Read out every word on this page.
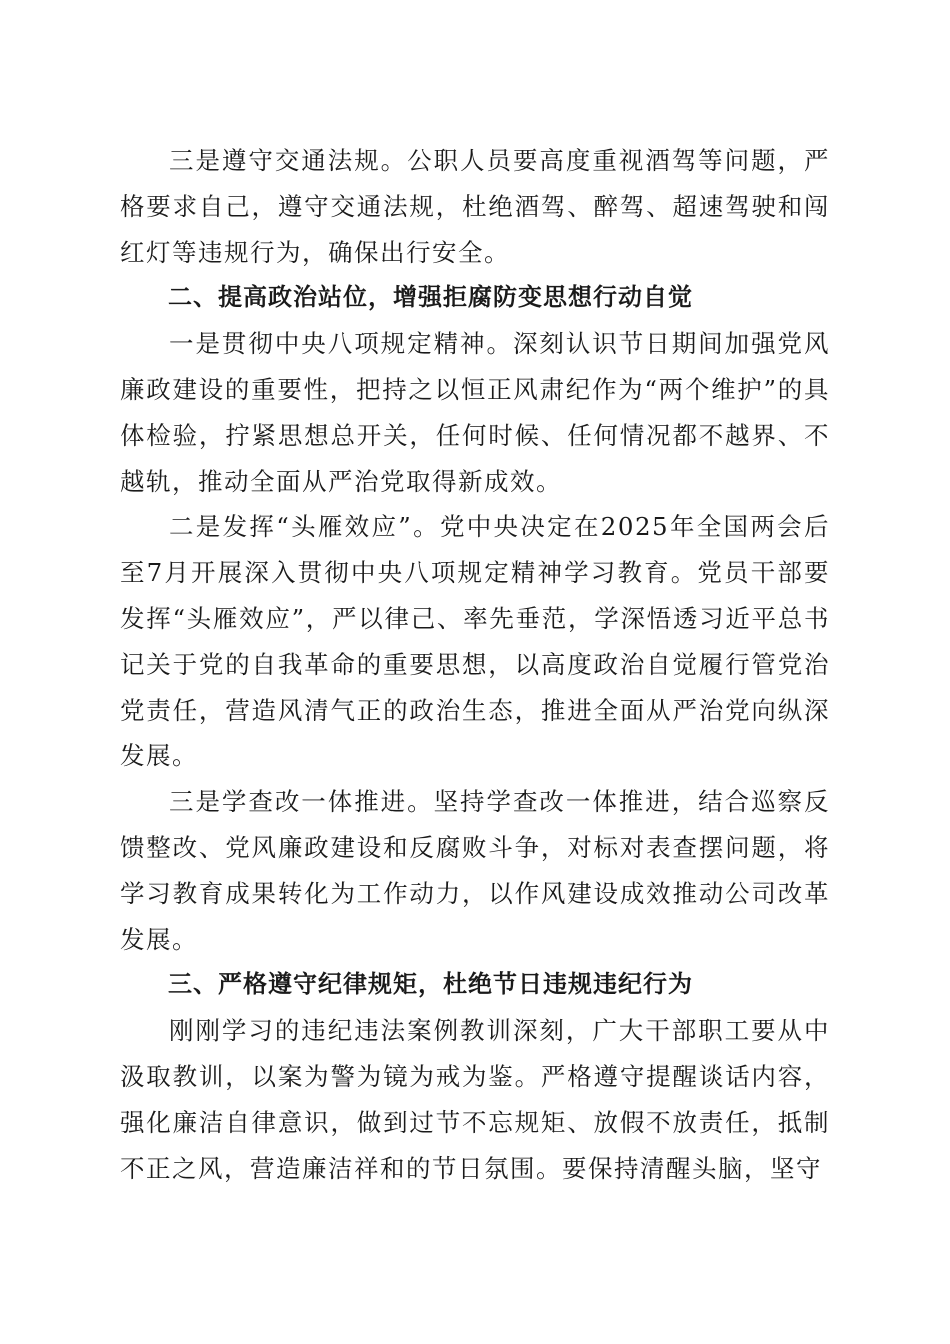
三是遵守交通法规。公职人员要高度重视酒驾等问题，严格要求自己，遵守交通法规，杜绝酒驾、醉驾、超速驾驶和闯红灯等违规行为，确保出行安全。

二、提高政治站位，增强拒腐防变思想行动自觉

一是贯彻中央八项规定精神。深刻认识节日期间加强党风廉政建设的重要性，把持之以恒正风肃纪作为“两个维护”的具体检验，拧紧思想总开关，任何时候、任何情况都不越界、不越轨，推动全面从严治党取得新成效。

二是发挥“头雁效应”。党中央决定在2025年全国两会后至7月开展深入贯彻中央八项规定精神学习教育。党员干部要发挥“头雁效应”，严以律己、率先垂范，学深悟透习近平总书记关于党的自我革命的重要思想，以高度政治自觉履行管党治党责任，营造风清气正的政治生态，推进全面从严治党向纵深发展。

三是学查改一体推进。坚持学查改一体推进，结合巡察反馈整改、党风廉政建设和反腐败斗争，对标对表查摆问题，将学习教育成果转化为工作动力，以作风建设成效推动公司改革发展。

三、严格遵守纪律规矩，杜绝节日违规违纪行为

刚刚学习的违纪违法案例教训深刻，广大干部职工要从中汲取教训，以案为警为镜为戒为鉴。严格遵守提醒谈话内容，强化廉洁自律意识，做到过节不忘规矩、放假不放责任，抵制不正之风，营造廉洁祥和的节日氛围。要保持清醒头脑，坚守
